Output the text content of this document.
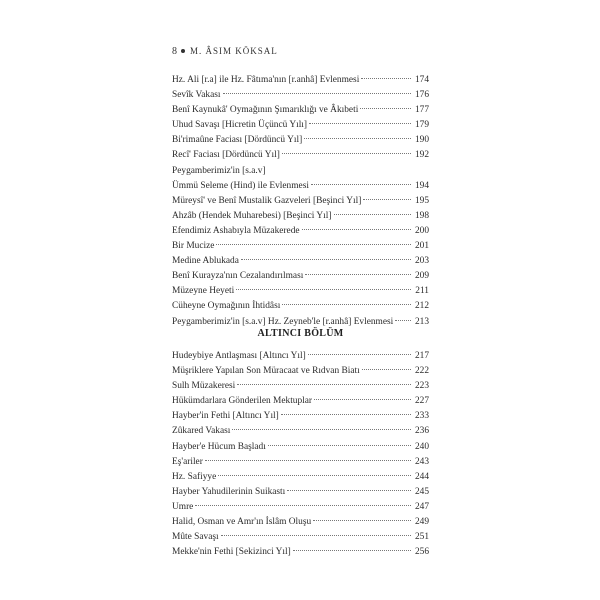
8 M. ÂSIM KÖKSAL
Hz. Ali [r.a] ile Hz. Fâtıma'nın [r.anhâ] Evlenmesi	174
Sevîk Vakası	176
Benî Kaynukâ' Oymağının Şımarıklığı ve Âkıbeti	177
Uhud Savaşı [Hicretin Üçüncü Yılı]	179
Bi'rimaûne Faciası [Dördüncü Yıl]	190
Recî' Faciası [Dördüncü Yıl]	192
Peygamberimiz'in [s.a.v]
Ümmü Seleme (Hind) ile Evlenmesi	194
Müreysî' ve Benî Mustalik Gazveleri [Beşinci Yıl]	195
Ahzâb (Hendek Muharebesi) [Beşinci Yıl]	198
Efendimiz Ashabıyla Müzakerede	200
Bir Mucize	201
Medine Ablukada	203
Benî Kurayza'nın Cezalandırılması	209
Müzeyne Heyeti	211
Cüheyne Oymağının İhtidâsı	212
Peygamberimiz'in [s.a.v] Hz. Zeyneb'le [r.anhâ] Evlenmesi 213
ALTINCI BÖLÜM
Hudeybiye Antlaşması [Altıncı Yıl]	217
Müşriklere Yapılan Son Müracaat ve Rıdvan Biatı	222
Sulh Müzakeresi	223
Hükümdarlara Gönderilen Mektuplar	227
Hayber'in Fethi [Altıncı Yıl]	233
Zûkared Vakası	236
Hayber'e Hücum Başladı	240
Eş'ariler	243
Hz. Safiyye	244
Hayber Yahudilerinin Suikastı	245
Umre	247
Halid, Osman ve Amr'ın İslâm Oluşu	249
Mûte Savaşı	251
Mekke'nin Fethi [Sekizinci Yıl]	256
